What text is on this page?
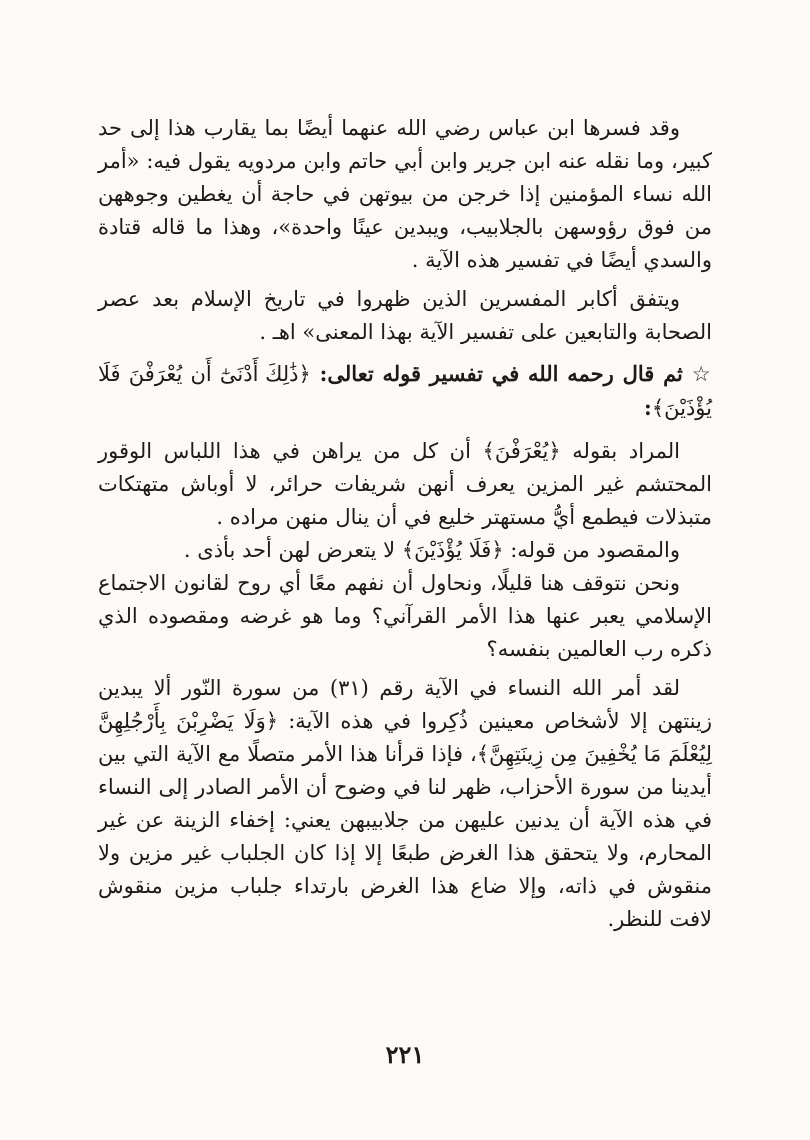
وقد فسرها ابن عباس رضي الله عنهما أيضًا بما يقارب هذا إلى حد كبير، وما نقله عنه ابن جرير وابن أبي حاتم وابن مردويه يقول فيه: «أمر الله نساء المؤمنين إذا خرجن من بيوتهن في حاجة أن يغطين وجوههن من فوق رؤوسهن بالجلابيب، ويبدين عينًا واحدة»، وهذا ما قاله قتادة والسدي أيضًا في تفسير هذه الآية .

ويتفق أكابر المفسرين الذين ظهروا في تاريخ الإسلام بعد عصر الصحابة والتابعين على تفسير الآية بهذا المعنى» اهـ .

☆ ثم قال رحمه الله في تفسير قوله تعالى: ﴿ذَٰلِكَ أَدْنَىٰٓ أَن يُعْرَفْنَ فَلَا يُؤْذَيْنَ﴾:

المراد بقوله ﴿يُعْرَفْنَ﴾ أن كل من يراهن في هذا اللباس الوقور المحتشم غير المزين يعرف أنهن شريفات حرائر، لا أوباش متهتكات متبذلات فيطمع أيُّ مستهتر خليع في أن ينال منهن مراده .

والمقصود من قوله: ﴿فَلَا يُؤْذَيْنَ﴾ لا يتعرض لهن أحد بأذى .

ونحن نتوقف هنا قليلًا، ونحاول أن نفهم معًا أي روح لقانون الاجتماع الإسلامي يعبر عنها هذا الأمر القرآني؟ وما هو غرضه ومقصوده الذي ذكره رب العالمين بنفسه؟

لقد أمر الله النساء في الآية رقم (٣١) من سورة النّور ألا يبدين زينتهن إلا لأشخاص معينين ذُكِروا في هذه الآية: ﴿وَلَا يَضْرِبْنَ بِأَرْجُلِهِنَّ لِيُعْلَمَ مَا يُخْفِينَ مِن زِينَتِهِنَّ﴾، فإذا قرأنا هذا الأمر متصلًا مع الآية التي بين أيدينا من سورة الأحزاب، ظهر لنا في وضوح أن الأمر الصادر إلى النساء في هذه الآية أن يدنين عليهن من جلابيبهن يعني: إخفاء الزينة عن غير المحارم، ولا يتحقق هذا الغرض طبعًا إلا إذا كان الجلباب غير مزين ولا منقوش في ذاته، وإلا ضاع هذا الغرض بارتداء جلباب مزين منقوش لافت للنظر.

٢٢١
